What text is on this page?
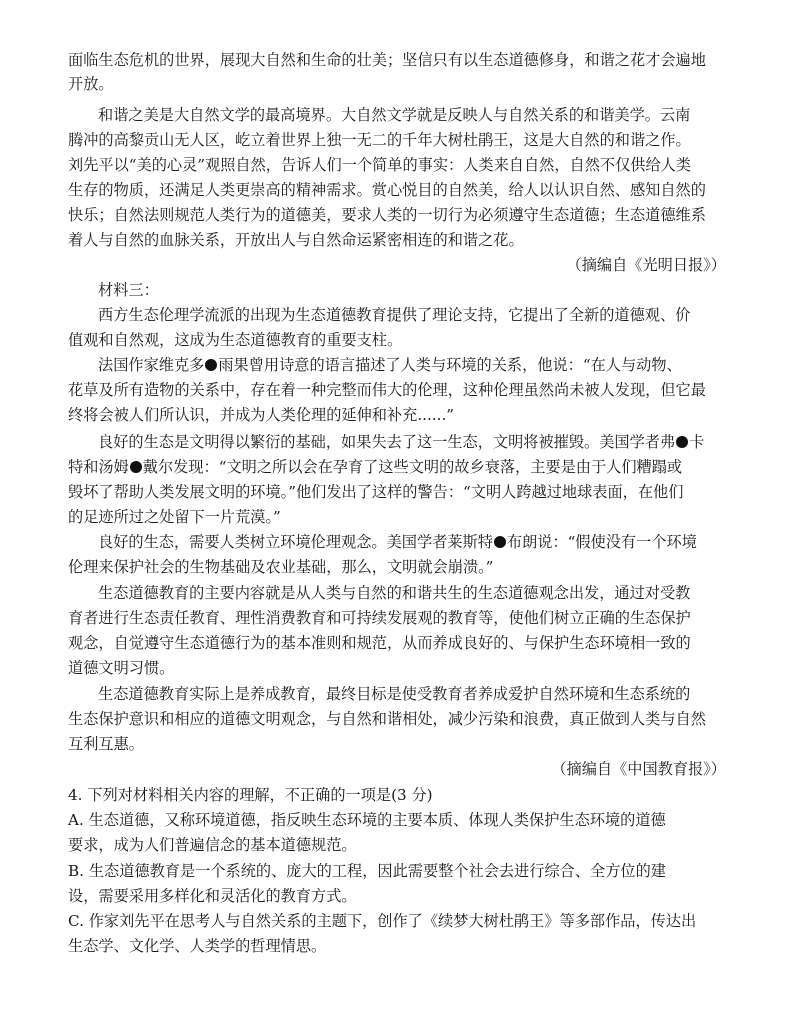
面临生态危机的世界，展现大自然和生命的壮美；坚信只有以生态道德修身，和谐之花才会遍地
开放。
和谐之美是大自然文学的最高境界。大自然文学就是反映人与自然关系的和谐美学。云南
腾冲的高黎贡山无人区，屹立着世界上独一无二的千年大树杜鹃王，这是大自然的和谐之作。
刘先平以“美的心灵”观照自然，告诉人们一个简单的事实：人类来自自然，自然不仅供给人类
生存的物质，还满足人类更崇高的精神需求。赏心悦目的自然美，给人以认识自然、感知自然的
快乐；自然法则规范人类行为的道德美，要求人类的一切行为必须遵守生态道德；生态道德维系
着人与自然的血脉关系，开放出人与自然命运紧密相连的和谐之花。
（摘编自《光明日报》）
材料三：
西方生态伦理学流派的出现为生态道德教育提供了理论支持，它提出了全新的道德观、价
值观和自然观，这成为生态道德教育的重要支柱。
法国作家维克多 雨果曾用诗意的语言描述了人类与环境的关系，他说：“在人与动物、
花草及所有造物的关系中，存在着一种完整而伟大的伦理，这种伦理虽然尚未被人发现，但它最
终将会被人们所认识，并成为人类伦理的延伸和补充......”
良好的生态是文明得以繁衍的基础，如果失去了这一生态，文明将被摧毁。美国学者弗 卡
特和汤姆 戴尔发现：“文明之所以会在孕育了这些文明的故乡衰落，主要是由于人们糟蹋或
毁坏了帮助人类发展文明的环境。”他们发出了这样的警告：“文明人跨越过地球表面，在他们
的足迹所过之处留下一片荒漠。”
良好的生态，需要人类树立环境伦理观念。美国学者莱斯特 布朗说：“假使没有一个环境
伦理来保护社会的生物基础及农业基础，那么，文明就会崩溃。”
生态道德教育的主要内容就是从人类与自然的和谐共生的生态道德观念出发，通过对受教
育者进行生态责任教育、理性消费教育和可持续发展观的教育等，使他们树立正确的生态保护
观念，自觉遵守生态道德行为的基本准则和规范，从而养成良好的、与保护生态环境相一致的
道德文明习惯。
生态道德教育实际上是养成教育，最终目标是使受教育者养成爱护自然环境和生态系统的
生态保护意识和相应的道德文明观念，与自然和谐相处，减少污染和浪费，真正做到人类与自然
互利互惠。
（摘编自《中国教育报》）
4. 下列对材料相关内容的理解，不正确的一项是(3 分)
A. 生态道德，又称环境道德，指反映生态环境的主要本质、体现人类保护生态环境的道德
要求，成为人们普遍信念的基本道德规范。
B. 生态道德教育是一个系统的、庞大的工程，因此需要整个社会去进行综合、全方位的建
设，需要采用多样化和灵活化的教育方式。
C. 作家刘先平在思考人与自然关系的主题下，创作了《续梦大树杜鹃王》等多部作品，传达出
生态学、文化学、人类学的哲理情思。
